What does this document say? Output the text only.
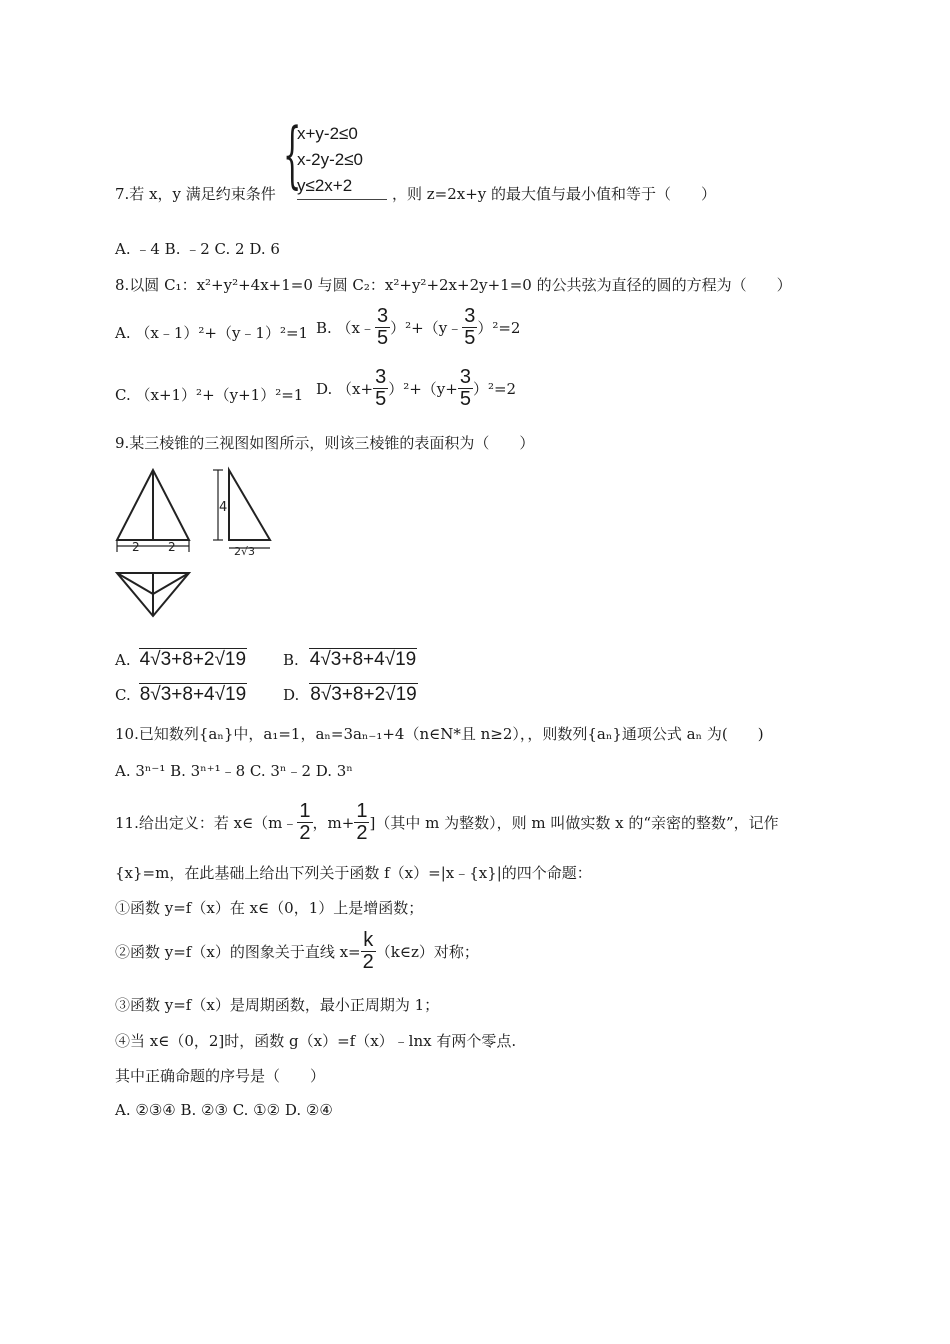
{
x+y-2≤0
x-2y-2≤0
y≤2x+2
7.若 x，y 满足约束条件	，则 z=2x+y 的最大值与最小值和等于（　　）
A. ﹣4 B. ﹣2 C. 2 D. 6
8.以圆 C₁：x²+y²+4x+1=0 与圆 C₂：x²+y²+2x+2y+1=0 的公共弦为直径的圆的方程为（　　）
A. （x﹣1）²+（y﹣1）²=1 B. （x﹣ $\frac{3}{5}$ ）²+（y﹣ $\frac{3}{5} )^2=2$
C. （x+1）²+（y+1）²=1 D. $(x+ \frac{3}{5} )^2+(y+ \frac{3}{5} )^2=2$
9.某三棱锥的三视图如图所示，则该三棱锥的表面积为（　　）
2 2
4
2√3
A. 4√3+8+2√19 B. 4√3+8+4√19
C. 8√3+8+4√19 D. 8√3+8+2√19
10.已知数列{aₙ}中，a₁=1，aₙ=3aₙ₋₁+4（n∈N*且 n≥2），，则数列{aₙ}通项公式 aₙ 为(　　)
A. 3ⁿ⁻¹ B. 3ⁿ⁺¹﹣8 C. 3ⁿ﹣2 D. 3ⁿ
11.给出定义：若 x∈（m﹣ $\frac{1}{2}$ ，$m+ \frac{1}{2}$ ]（其中 m 为整数），则 m 叫做实数 x 的“亲密的整数”，记作
{x}=m，在此基础上给出下列关于函数 f（x）=|x﹣{x}|的四个命题：
①函数 y=f（x）在 x∈（0，1）上是增函数；
②函数 y=f（x）的图象关于直线 $x= \frac{k}{2}$ （k∈z）对称；
③函数 y=f（x）是周期函数，最小正周期为 1；
④当 x∈（0，2]时，函数 g（x）=f（x）﹣lnx 有两个零点.
其中正确命题的序号是（　　）
A. ②③④ B. ②③ C. ①② D. ②④
